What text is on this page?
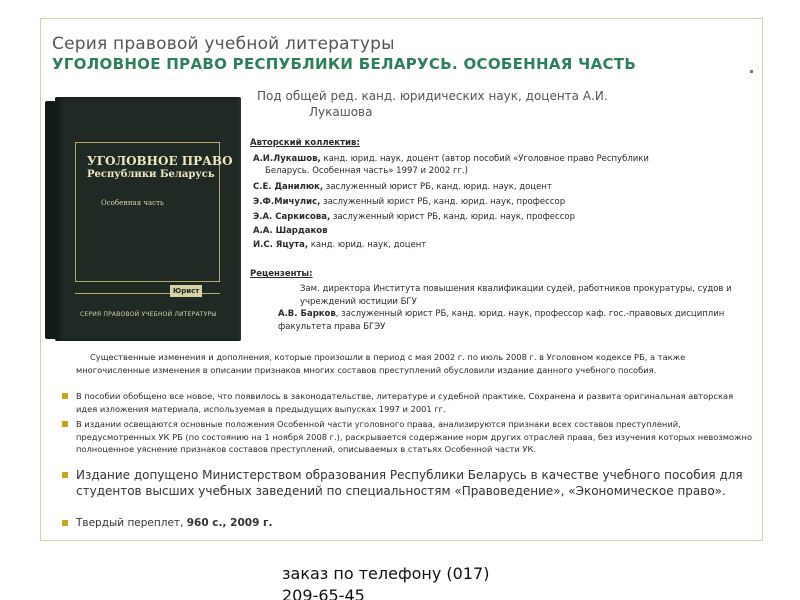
Серия правовой учебной литературы
УГОЛОВНОЕ ПРАВО РЕСПУБЛИКИ БЕЛАРУСЬ. ОСОБЕННАЯ ЧАСТЬ
УГОЛОВНОЕ ПРАВО
Республики Беларусь
Особенная часть
Юрист
СЕРИЯ ПРАВОВОЙ УЧЕБНОЙ ЛИТЕРАТУРЫ
Под общей ред. канд. юридических наук, доцента А.И.
Лукашова
Авторский коллектив:
А.И.Лукашов, канд. юрид. наук, доцент (автор пособий «Уголовное право Республики
Беларусь. Особенная часть» 1997 и 2002 гг.)
С.Е. Данилюк, заслуженный юрист РБ, канд. юрид. наук, доцент
Э.Ф.Мичулис, заслуженный юрист РБ, канд. юрид. наук, профессор
Э.А. Саркисова, заслуженный юрист РБ, канд. юрид. наук, профессор
А.А. Шардаков
И.С. Яцута, канд. юрид. наук, доцент
Рецензенты:
Зам. директора Института повышения квалификации судей, работников прокуратуры, судов и учреждений юстиции БГУ
А.В. Барков, заслуженный юрист РБ, канд. юрид. наук, профессор каф. гос.-правовых дисциплин факультета права БГЭУ
Существенные изменения и дополнения, которые произошли в период с мая 2002 г. по июль 2008 г. в Уголовном кодексе РБ, а также многочисленные изменения в описании признаков многих составов преступлений обусловили издание данного учебного пособия.
В пособии обобщено все новое, что появилось в законодательстве, литературе и судебной практике. Сохранена и развита оригинальная авторская идея изложения материала, используемая в предыдущих выпусках 1997 и 2001 гг.
В издании освещаются основные положения Особенной части уголовного права, анализируются признаки всех составов преступлений, предусмотренных УК РБ (по состоянию на 1 ноября 2008 г.), раскрывается содержание норм других отраслей права, без изучения которых невозможно полноценное уяснение признаков составов преступлений, описываемых в статьях Особенной части УК.
Издание допущено Министерством образования Республики Беларусь в качестве учебного пособия для студентов высших учебных заведений по специальностям «Правоведение», «Экономическое право».
Твердый переплет, 960 с., 2009 г.
заказ по телефону (017)
209-65-45
